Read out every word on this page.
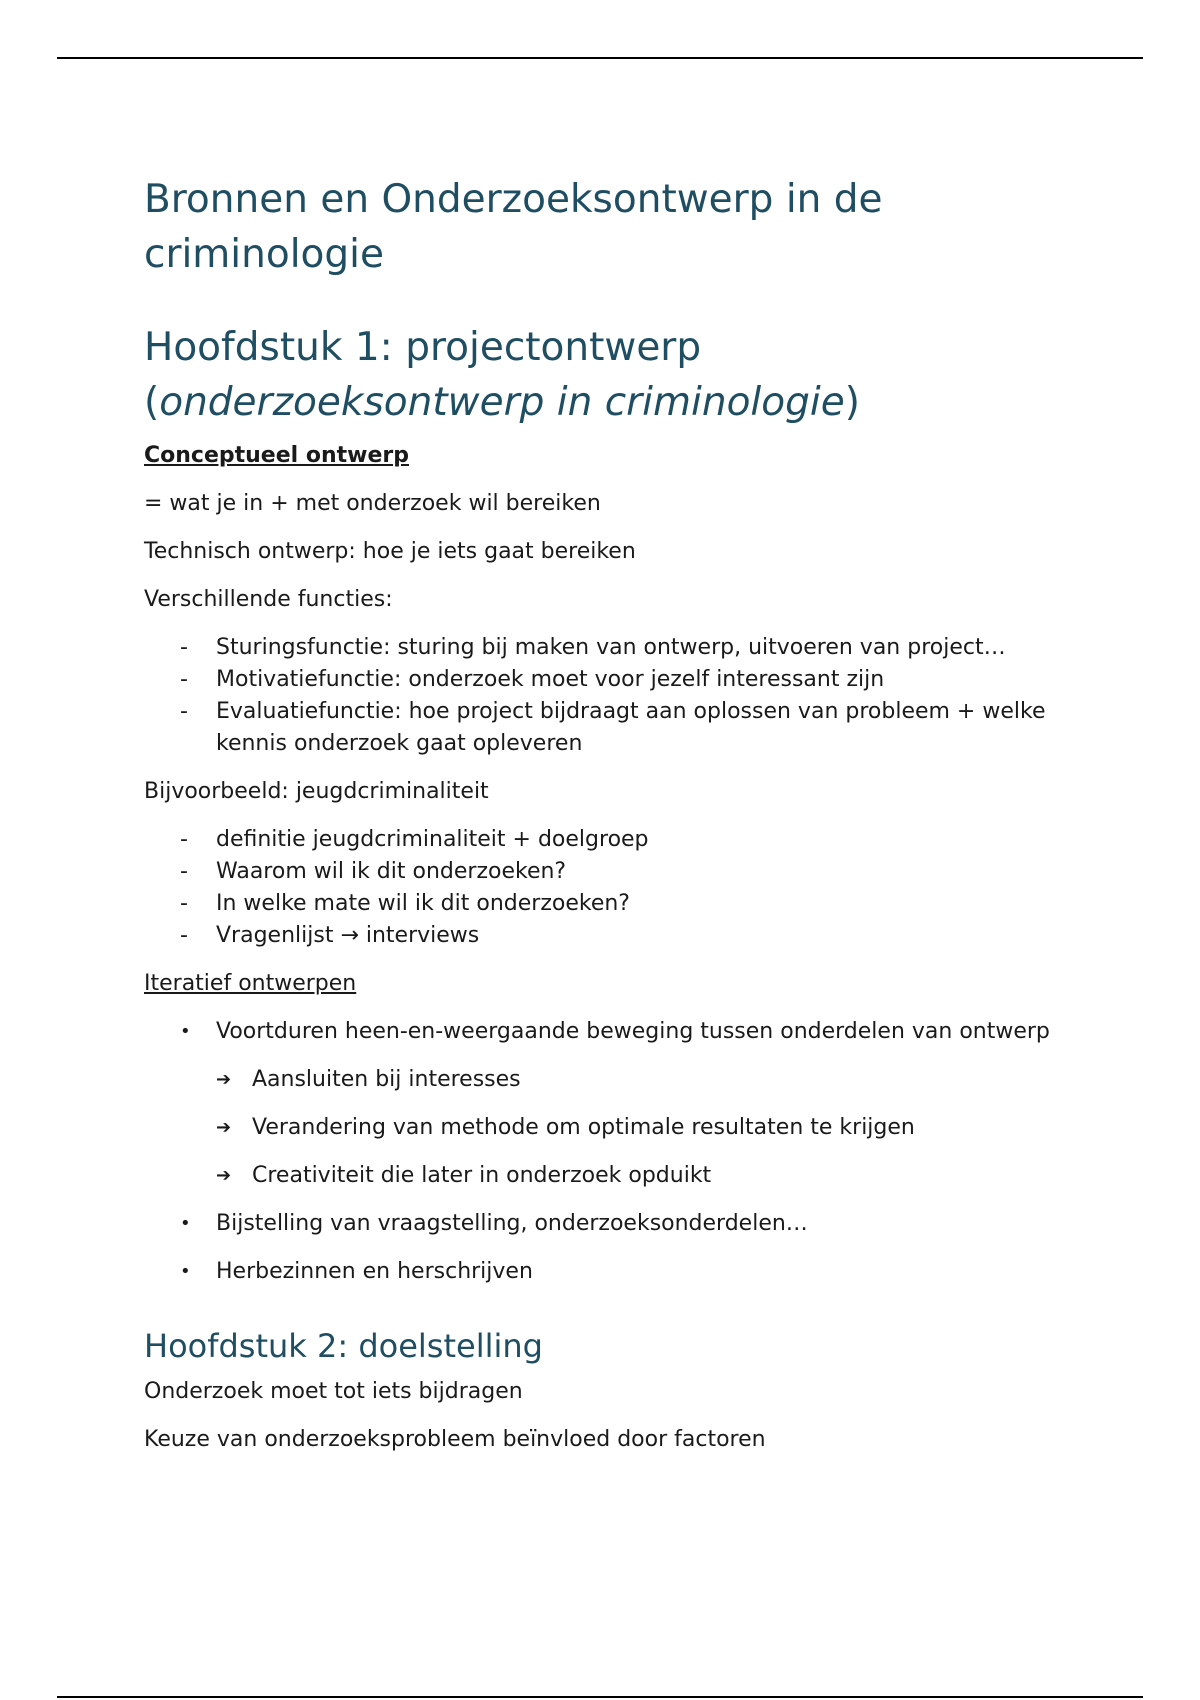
Bronnen en Onderzoeksontwerp in de criminologie
Hoofdstuk 1: projectontwerp
(onderzoeksontwerp in criminologie)

Conceptueel ontwerp

= wat je in + met onderzoek wil bereiken

Technisch ontwerp: hoe je iets gaat bereiken

Verschillende functies:

- Sturingsfunctie: sturing bij maken van ontwerp, uitvoeren van project…
- Motivatiefunctie: onderzoek moet voor jezelf interessant zijn
- Evaluatiefunctie: hoe project bijdraagt aan oplossen van probleem + welke kennis onderzoek gaat opleveren

Bijvoorbeeld: jeugdcriminaliteit

- definitie jeugdcriminaliteit + doelgroep
- Waarom wil ik dit onderzoeken?
- In welke mate wil ik dit onderzoeken?
- Vragenlijst → interviews

Iteratief ontwerpen

• Voortduren heen-en-weergaande beweging tussen onderdelen van ontwerp
➔ Aansluiten bij interesses
➔ Verandering van methode om optimale resultaten te krijgen
➔ Creativiteit die later in onderzoek opduikt
• Bijstelling van vraagstelling, onderzoeksonderdelen…
• Herbezinnen en herschrijven
Hoofdstuk 2: doelstelling

Onderzoek moet tot iets bijdragen

Keuze van onderzoeksprobleem beïnvloed door factoren
